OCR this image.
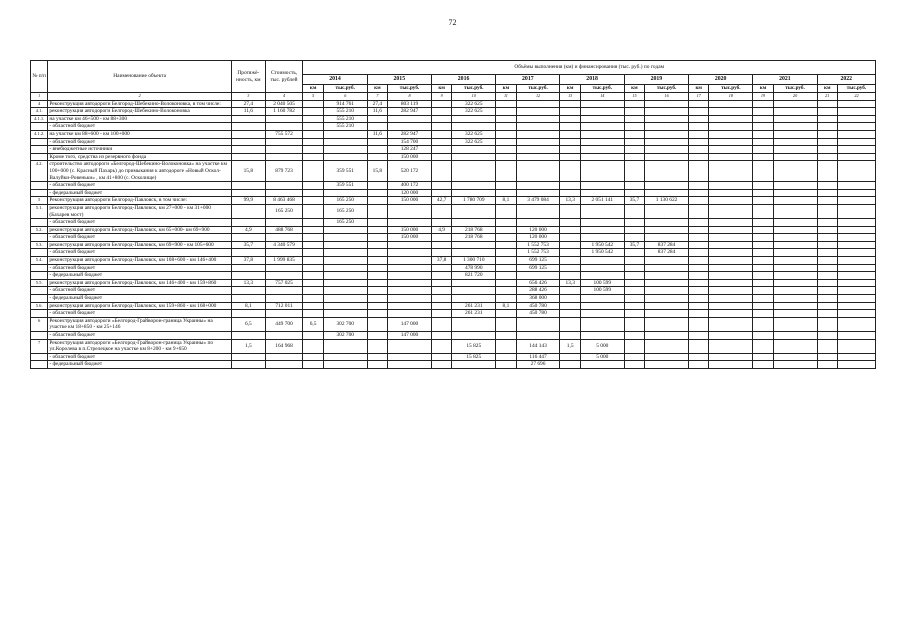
72
№ п/п	Наименование объекта	Протяжё-нность, км	Стоимость, тыс. рублей	Объёмы выполнения (км) и финансирования (тыс. руб.) по годам																	
				2014		2015		2016		2017		2018		2019		2020		2021		2022	
				км	тыс.руб.	км	тыс.руб.	км	тыс.руб.	км	тыс.руб.	км	тыс.руб.	км	тыс.руб.	км	тыс.руб.	км	тыс.руб.	км	тыс.руб.
1	2	3	4	5	6	7	8	9	10	11	12	13	14	15	16	17	18	19	20	21	22
4	Реконструкция автодороги Белгород-Шебекино-Волоконовка, в том числе:	27,4	2 040 505		914 761	27,4	803 119		322 625												
4.1.	реконструкция автодороги Белгород-Шебекино-Волоконовка	11,6	1 160 782		555 210	11,6	282 947		322 625												
4.1.1.	на участке км 46+500 - км 88+300				555 210																
	- областной бюджет				555 210																
4.1.2.	на участке км 88+600 - км 100+000		755 572			11,6	282 947		322 625												
	- областной бюджет						154 700		322 625												
	- внебюджетные источники						128 247														
	Кроме того, средства из резервного фонда						150 000														
4.2.	строительство автодороги «Белгород-Шебекино-Волоконовка» на участке км 100+000 (с. Красный Пахарь) до примыкания к автодороге «Новый Оскол-Валуйки-Ровеньки» , км 41+800 (с. Осколище)	15,8	879 723		359 551	15,8	520 172														
	- областной бюджет				359 551		400 172														
	- федеральный бюджет						120 000														
5	Реконструкция автодороги Белгород-Павловск, в том числе:	99,9	8 463 468		165 250		150 000	42,7	1 780 709	8,1	3 479 084	13,3	2 051 141	35,7	1 130 622						
5.1.	реконструкция автодороги Белгород-Павловск, км 27+000 - км 31+000 (Бахарев мост)		165 250		165 250																
	- областной бюджет				165 250																
5.2.	реконструкция автодороги Белгород-Павловск, км 65+000- км 69+900	4,9	488 768				150 000	4,9	218 768		120 000										
	- областной бюджет						150 000		218 768		120 000										
5.3.	реконструкция автодороги Белгород-Павловск, км 69+900 - км 105+600	35,7	4 340 579								1 552 753		1 950 542	35,7	837 284						
	- областной бюджет										1 552 753		1 950 542		837 284						
5.4.	реконструкция автодороги Белгород-Павловск, км 108+600 - км 146+400	37,8	1 999 835					37,8	1 300 710		699 125										
	- областной бюджет								478 990		699 125										
	- федеральный бюджет								821 720												
5.5.	реконструкция автодороги Белгород-Павловск, км 146+400 - км 159+860	13,3	757 025								656 426	13,3	100 599								
	- областной бюджет										288 426		100 599								
	- федеральный бюджет										368 000										
5.6.	реконструкция автодороги Белгород-Павловск, км 159+860 - км 168+000	8,1	712 011						261 231	8,1	450 780										
	- областной бюджет								261 231		450 780										
6	Реконструкция автодороги «Белгород-Грайворон-граница Украины» на участке км 18+850 - км 25+146	6,5	449 700	6,5	302 700		147 000														
	- областной бюджет				302 700		147 000														
7	Реконструкция автодороги «Белгород-Грайворон-граница Украины» по ул.Королева в п.Стрелецкое на участке км 8+200 - км 9+650	1,5	164 968						15 825		144 143	1,5	5 000								
	- областной бюджет								15 825		116 447		5 000								
	- федеральный бюджет										27 696										
